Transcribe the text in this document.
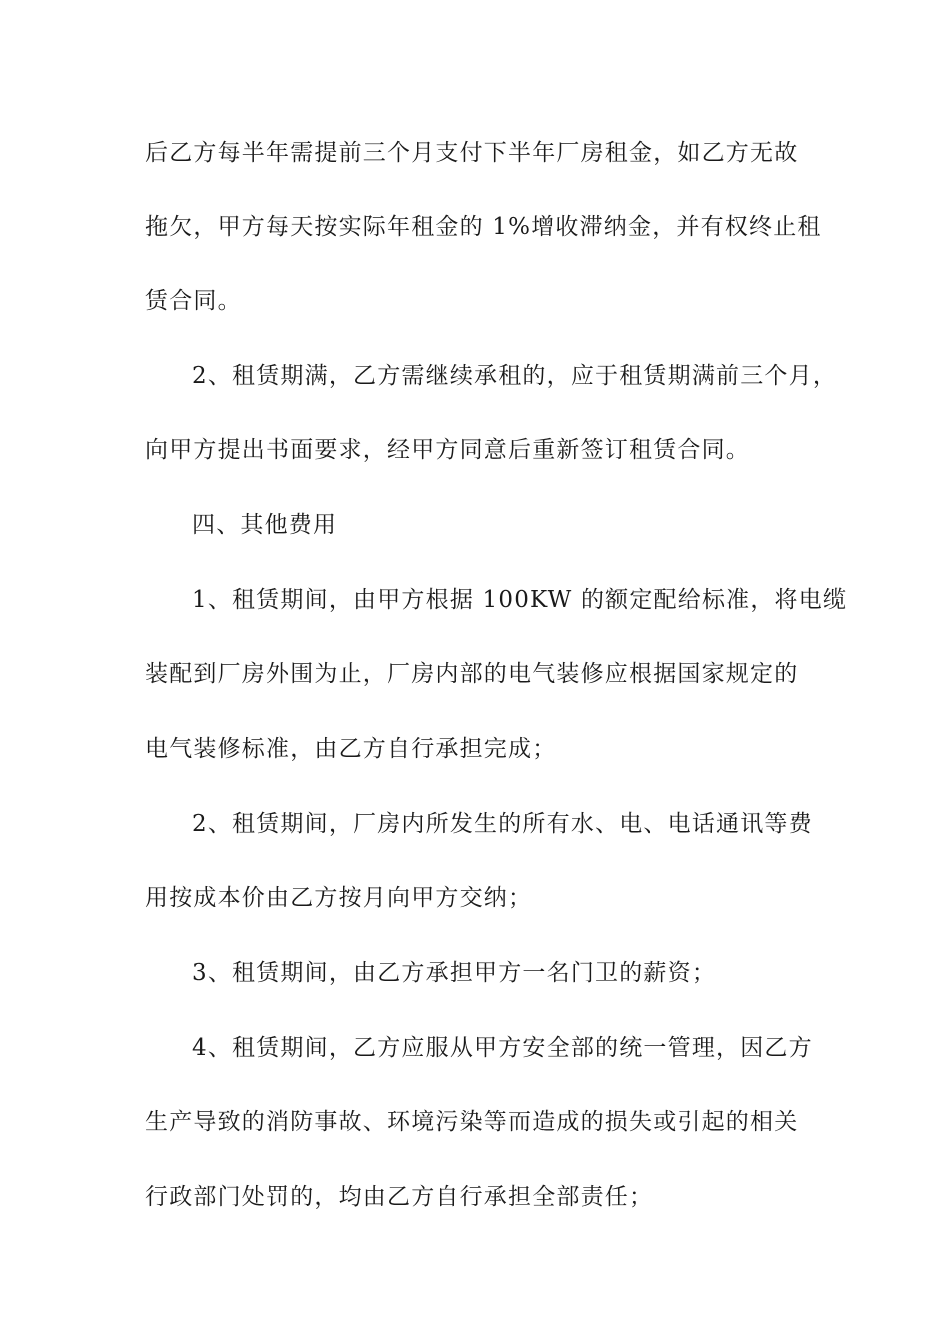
后乙方每半年需提前三个月支付下半年厂房租金，如乙方无故
拖欠，甲方每天按实际年租金的 1%增收滞纳金，并有权终止租
赁合同。
2、租赁期满，乙方需继续承租的，应于租赁期满前三个月，
向甲方提出书面要求，经甲方同意后重新签订租赁合同。
四、其他费用
1、租赁期间，由甲方根据 100KW 的额定配给标准，将电缆
装配到厂房外围为止，厂房内部的电气装修应根据国家规定的
电气装修标准，由乙方自行承担完成；
2、租赁期间，厂房内所发生的所有水、电、电话通讯等费
用按成本价由乙方按月向甲方交纳；
3、租赁期间，由乙方承担甲方一名门卫的薪资；
4、租赁期间，乙方应服从甲方安全部的统一管理，因乙方
生产导致的消防事故、环境污染等而造成的损失或引起的相关
行政部门处罚的，均由乙方自行承担全部责任；
